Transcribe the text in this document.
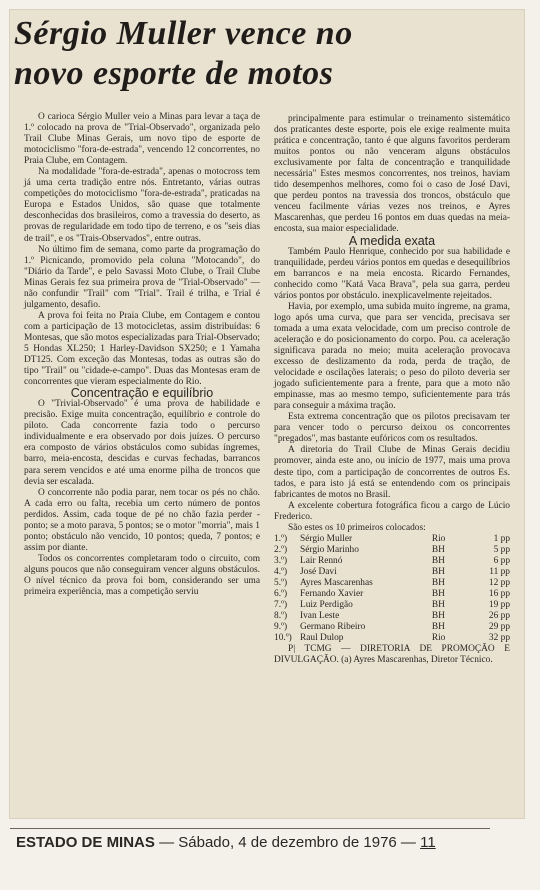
Sérgio Muller vence no
novo esporte de motos

O carioca Sérgio Muller veio a Minas para levar a taça de 1.º colocado na prova de "Trial-Observado", organizada pelo Trail Clube Minas Gerais, um novo tipo de esporte de motociclismo "fora-de-estrada", vencendo 12 concorrentes, no Praia Clube, em Contagem.

Na modalidade "fora-de-estrada", apenas o motocross tem já uma certa tradição entre nós. Entretanto, várias outras competições do motociclismo "fora-de-estrada", praticadas na Europa e Estados Unidos, são quase que totalmente desconhecidas dos brasileiros, como a travessia do deserto, as provas de regularidade em todo tipo de terreno, e os "seis dias de trail", e os "Trais-Observados", entre outras.

No último fim de semana, como parte da programação do 1.º Picnicando, promovido pela coluna "Motocando", do "Diário da Tarde", e pelo Savassi Moto Clube, o Trail Clube Minas Gerais fez sua primeira prova de "Trial-Observado" — não confundir "Trail" com "Trial". Trail é trilha, e Trial é julgamento, desafio.

A prova foi feita no Praia Clube, em Contagem e contou com a participação de 13 motocicletas, assim distribuídas: 6 Montesas, que são motos especializadas para Trial-Observado; 5 Hondas XL250; 1 Harley-Davidson SX250; e 1 Yamaha DT125. Com exceção das Montesas, todas as outras são do tipo "Trail" ou "cidade-e-campo". Duas das Montesas eram de concorrentes que vieram especialmente do Rio.

Concentração e equilíbrio

O "Trivial-Observado" é uma prova de habilidade e precisão. Exige muita concentração, equilíbrio e controle do piloto. Cada concorrente fazia todo o percurso individualmente e era observado por dois juízes. O percurso era composto de vários obstáculos como subidas íngremes, barro, meia-encosta, descidas e curvas fechadas, barrancos para serem vencidos e até uma enorme pilha de troncos que devia ser escalada.

O concorrente não podia parar, nem tocar os pés no chão. A cada erro ou falta, recebia um certo número de pontos perdidos. Assim, cada toque de pé no chão fazia perder - ponto; se a moto parava, 5 pontos; se o motor "morria", mais 1 ponto; obstáculo não vencido, 10 pontos; queda, 7 pontos; e assim por diante.

Todos os concorrentes completaram todo o circuito, com alguns poucos que não conseguiram vencer alguns obstáculos. O nível técnico da prova foi bom, considerando ser uma primeira experiência, mas a competição serviu

principalmente para estimular o treinamento sistemático dos praticantes deste esporte, pois ele exige realmente muita prática e concentração, tanto é que alguns favoritos perderam muitos pontos ou não venceram alguns obstáculos exclusivamente por falta de concentração e tranquilidade necessária" Estes mesmos concorrentes, nos treinos, haviam tido desempenhos melhores, como foi o caso de José Davi, que perdeu pontos na travessia dos troncos, obstáculo que venceu facilmente várias vezes nos treinos, e Ayres Mascarenhas, que perdeu 16 pontos em duas quedas na meia-encosta, sua maior especialidade.

A medida exata

Também Paulo Henrique, conhecido por sua habilidade e tranquilidade, perdeu vários pontos em quedas e desequilíbrios em barrancos e na meia encosta. Ricardo Fernandes, conhecido como "Katá Vaca Brava", pela sua garra, perdeu vários pontos por obstáculo. inexplicavelmente rejeitados.

Havia, por exemplo, uma subida muito íngreme, na grama, logo após uma curva, que para ser vencida, precisava ser tomada a uma exata velocidade, com um preciso controle de aceleração e do posicionamento do corpo. Pou. ca aceleração significava parada no meio; muita aceleração provocava excesso de deslizamento da roda, perda de tração, de velocidade e oscilações laterais; o peso do piloto deveria ser jogado suficientemente para a frente, para que a moto não empinasse, mas ao mesmo tempo, suficientemente para trás para conseguir a máxima tração.

Esta extrema concentração que os pilotos precisavam ter para vencer todo o percurso deixou os concorrentes "pregados", mas bastante eufóricos com os resultados.

A diretoria do Trail Clube de Minas Gerais decidiu promover, ainda este ano, ou início de 1977, mais uma prova deste tipo, com a participação de concorrentes de outros Es. tados, e para isto já está se entendendo com os principais fabricantes de motos no Brasil.

A excelente cobertura fotográfica ficou a cargo de Lúcio Frederico.

São estes os 10 primeiros colocados:

1.º)	Sérgio Muller	Rio	1 pp
2.º)	Sérgio Marinho	BH	5 pp
3.º)	Lair Rennó	BH	6 pp
4.º)	José Davi	BH	11 pp
5.º)	Ayres Mascarenhas	BH	12 pp
6.º)	Fernando Xavier	BH	16 pp
7.º)	Luiz Perdigão	BH	19 pp
8.º)	Ivan Leste	BH	26 pp
9.º)	Germano Ribeiro	BH	29 pp
10.º)	Raul Dulop	Rio	32 pp

P| TCMG — DIRETORIA DE PROMOÇÃO E DIVULGAÇÃO. (a) Ayres Mascarenhas, Diretor Técnico.

ESTADO DE MINAS — Sábado, 4 de dezembro de 1976 — 11
